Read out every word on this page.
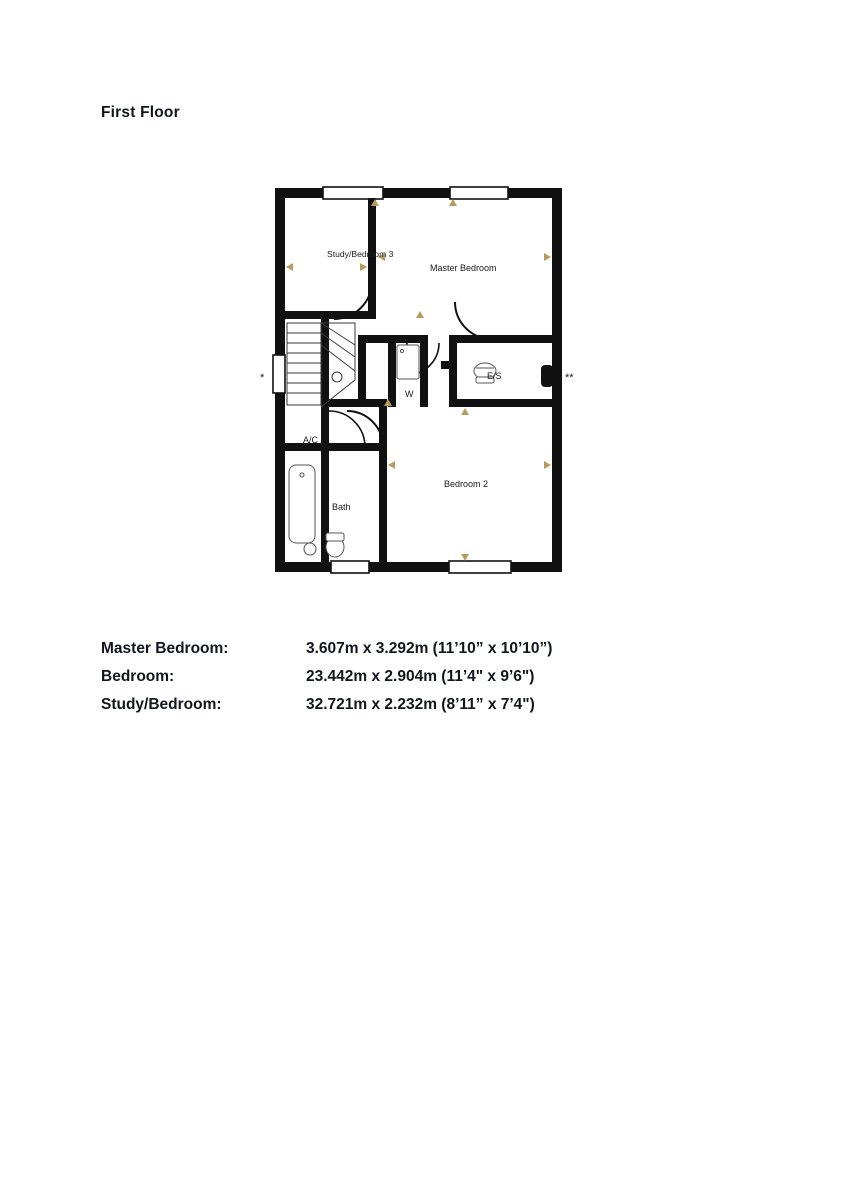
First Floor
Study/Bedroom 3
Master Bedroom
E/S
W
A/C
Bath
Bedroom 2
*	**
Master Bedroom:	3.607m x 3.292m (11’10” x 10’10”)
Bedroom:	23.442m x 2.904m (11’4" x 9’6")
Study/Bedroom:	32.721m x 2.232m (8’11” x 7’4")
